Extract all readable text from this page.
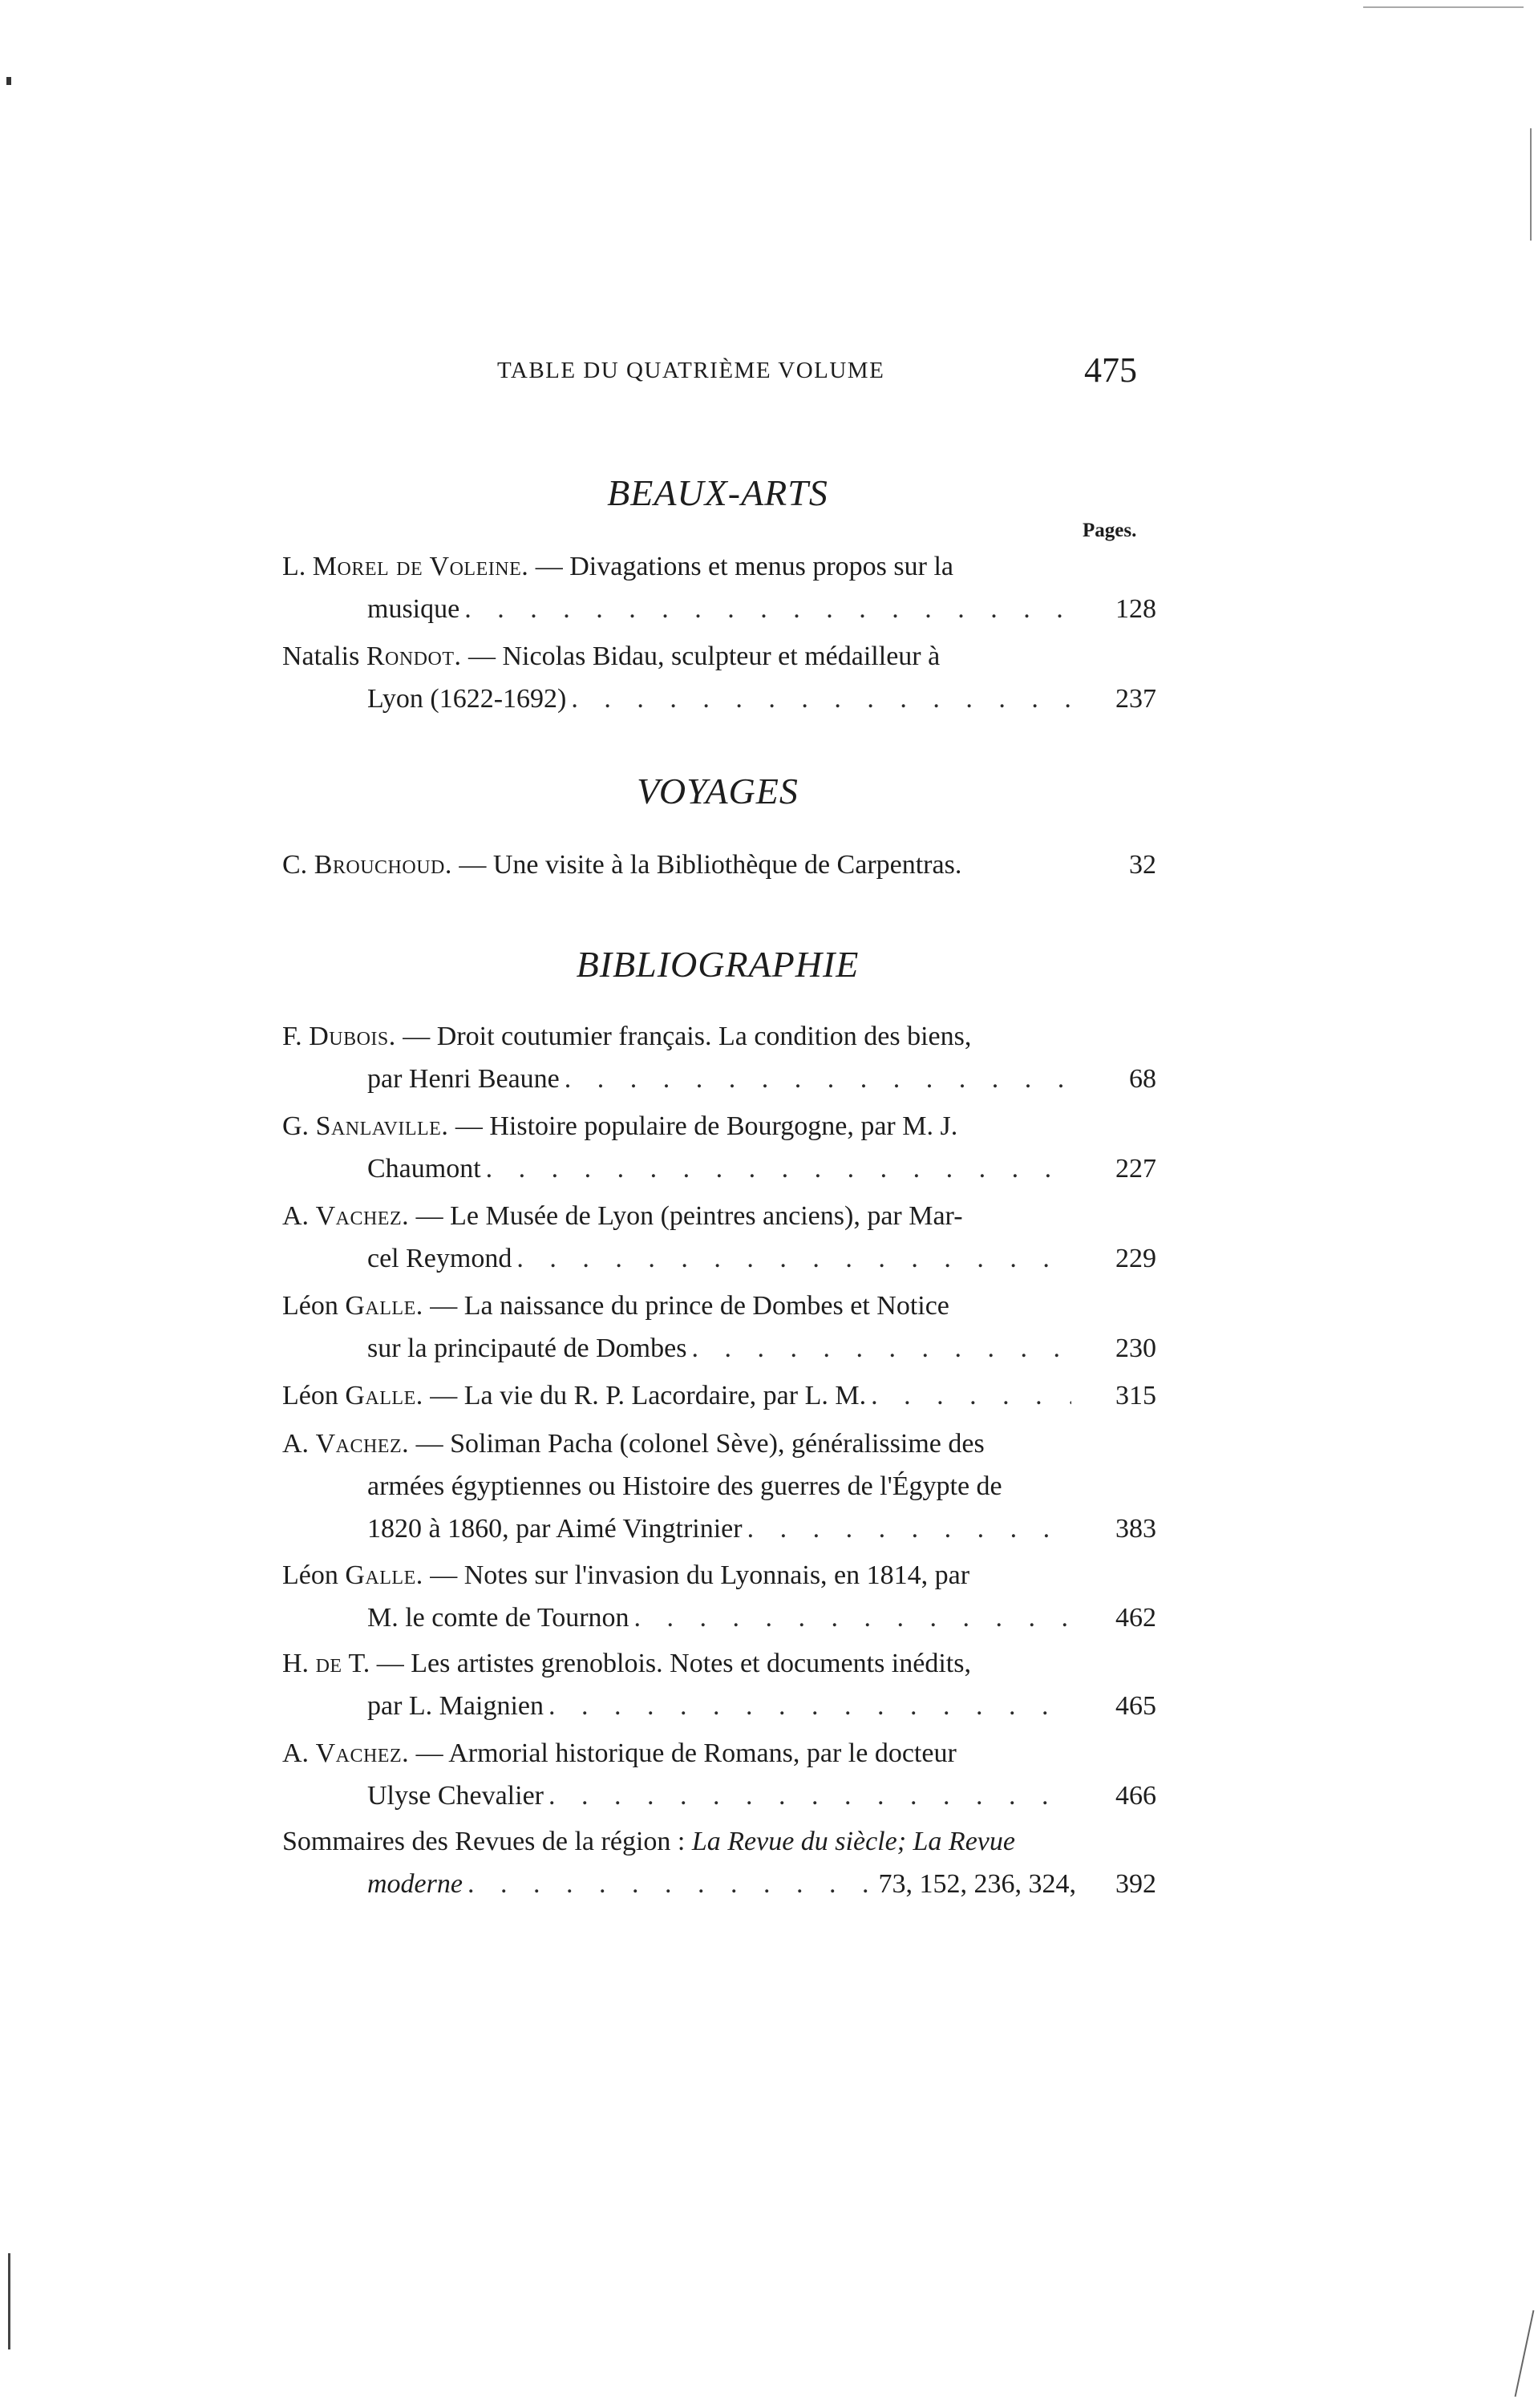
TABLE DU QUATRIÈME VOLUME	475
BEAUX-ARTS
Pages.
L. Morel de Voleine. — Divagations et menus propos sur la
musique . . .	128
Natalis Rondot. — Nicolas Bidau, sculpteur et médailleur à
Lyon (1622-1692) . . .	237
VOYAGES
C. Brouchoud. — Une visite à la Bibliothèque de Carpentras.	32
BIBLIOGRAPHIE
F. Dubois. — Droit coutumier français. La condition des biens,
par Henri Beaune . . .	68
G. Sanlaville. — Histoire populaire de Bourgogne, par M. J.
Chaumont . . .	227
A. Vachez. — Le Musée de Lyon (peintres anciens), par Mar-
cel Reymond . . .	229
Léon Galle. — La naissance du prince de Dombes et Notice
sur la principauté de Dombes . . .	230
Léon Galle. — La vie du R. P. Lacordaire, par L. M. . . .	315
A. Vachez. — Soliman Pacha (colonel Sève), généralissime des
armées égyptiennes ou Histoire des guerres de l'Égypte de
1820 à 1860, par Aimé Vingtrinier . . .	383
Léon Galle. — Notes sur l'invasion du Lyonnais, en 1814, par
M. le comte de Tournon . . .	462
H. de T. — Les artistes grenoblois. Notes et documents inédits,
par L. Maignien . . .	465
A. Vachez. — Armorial historique de Romans, par le docteur
Ulyse Chevalier . . .	466
Sommaires des Revues de la région : La Revue du siècle; La Revue
moderne . . .	73, 152, 236, 324,	392
